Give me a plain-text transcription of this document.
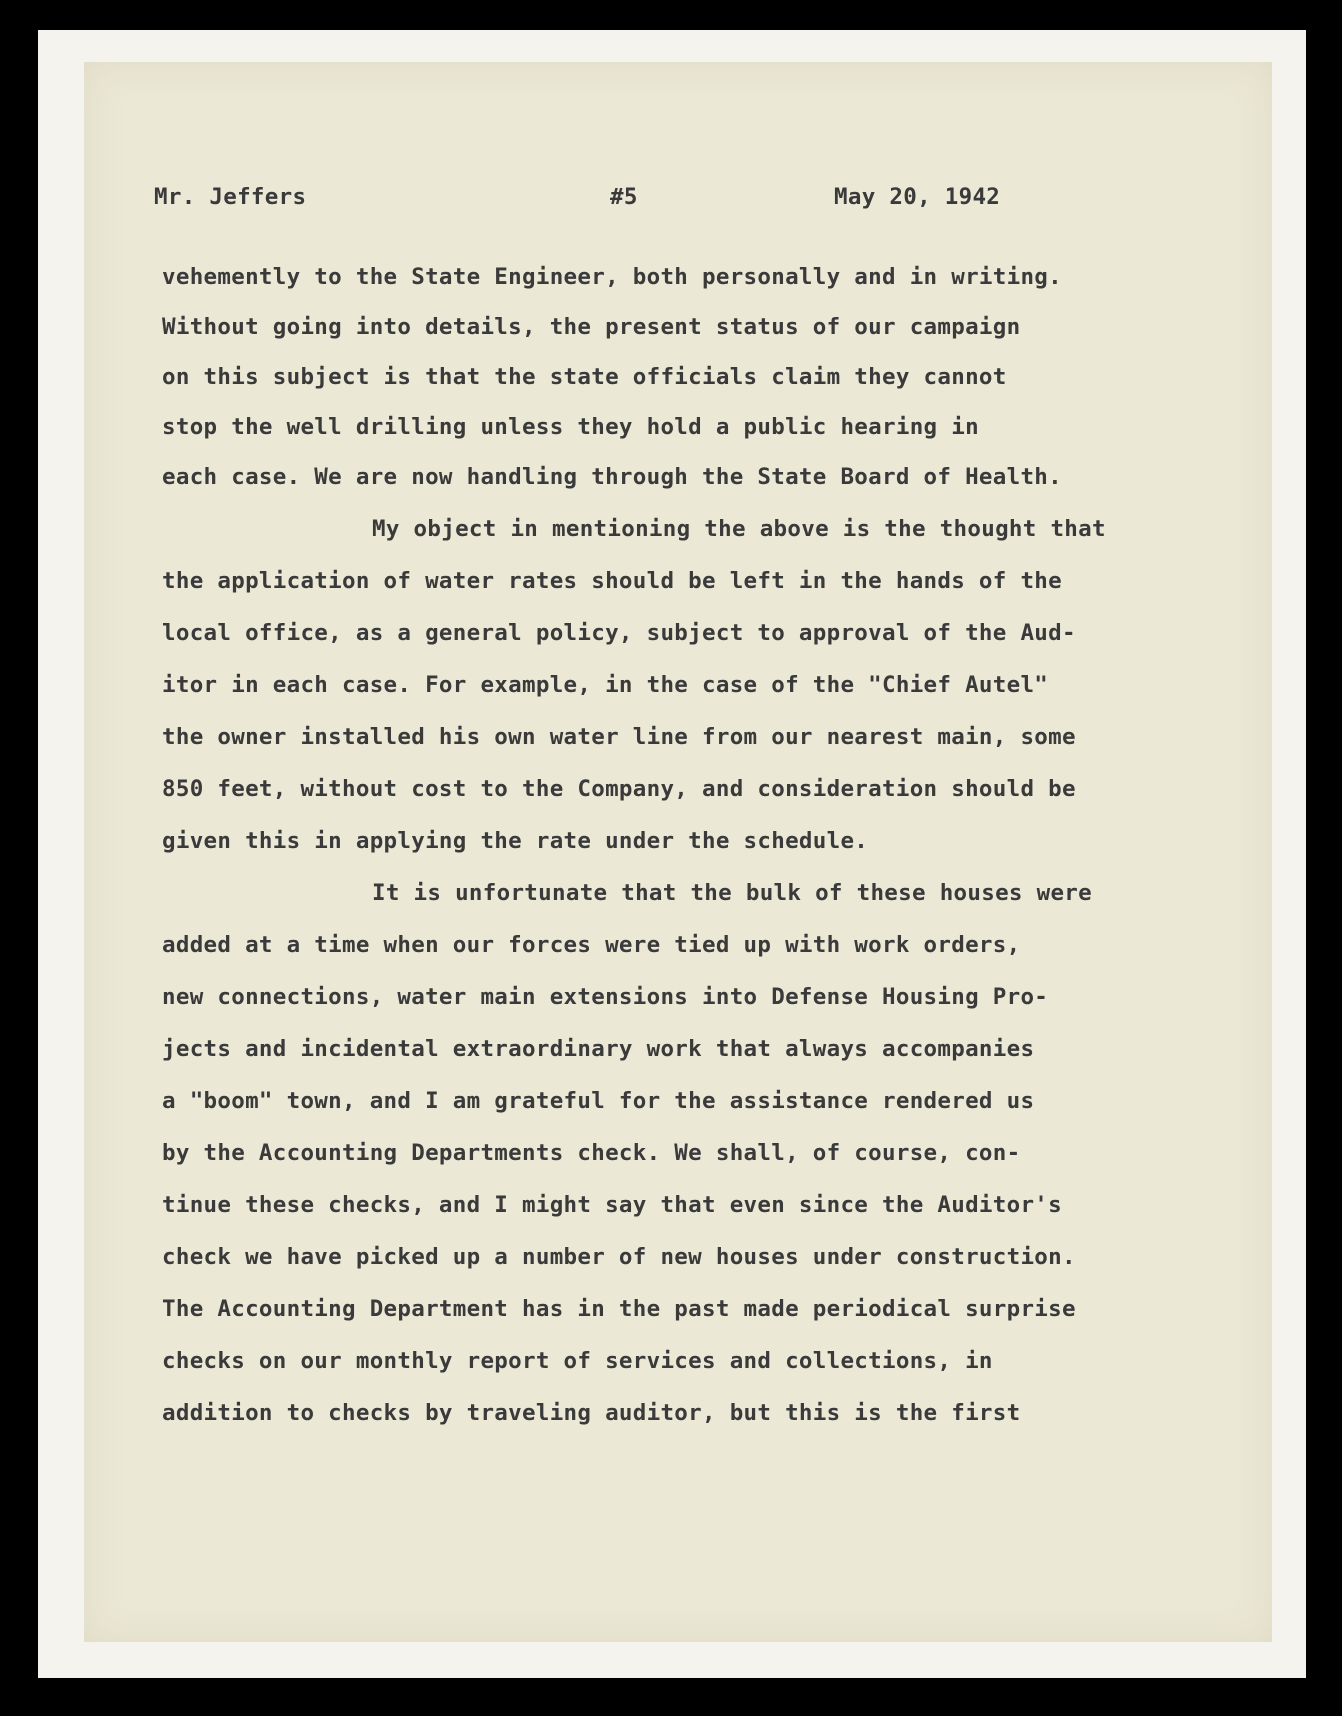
Mr. Jeffers	#5	May 20, 1942
vehemently to the State Engineer, both personally and in writing.
Without going into details, the present status of our campaign
on this subject is that the state officials claim they cannot
stop the well drilling unless they hold a public hearing in
each case. We are now handling through the State Board of Health.
My object in mentioning the above is the thought that
the application of water rates should be left in the hands of the
local office, as a general policy, subject to approval of the Aud-
itor in each case. For example, in the case of the "Chief Autel"
the owner installed his own water line from our nearest main, some
850 feet, without cost to the Company, and consideration should be
given this in applying the rate under the schedule.
It is unfortunate that the bulk of these houses were
added at a time when our forces were tied up with work orders,
new connections, water main extensions into Defense Housing Pro-
jects and incidental extraordinary work that always accompanies
a "boom" town, and I am grateful for the assistance rendered us
by the Accounting Departments check. We shall, of course, con-
tinue these checks, and I might say that even since the Auditor's
check we have picked up a number of new houses under construction.
The Accounting Department has in the past made periodical surprise
checks on our monthly report of services and collections, in
addition to checks by traveling auditor, but this is the first
